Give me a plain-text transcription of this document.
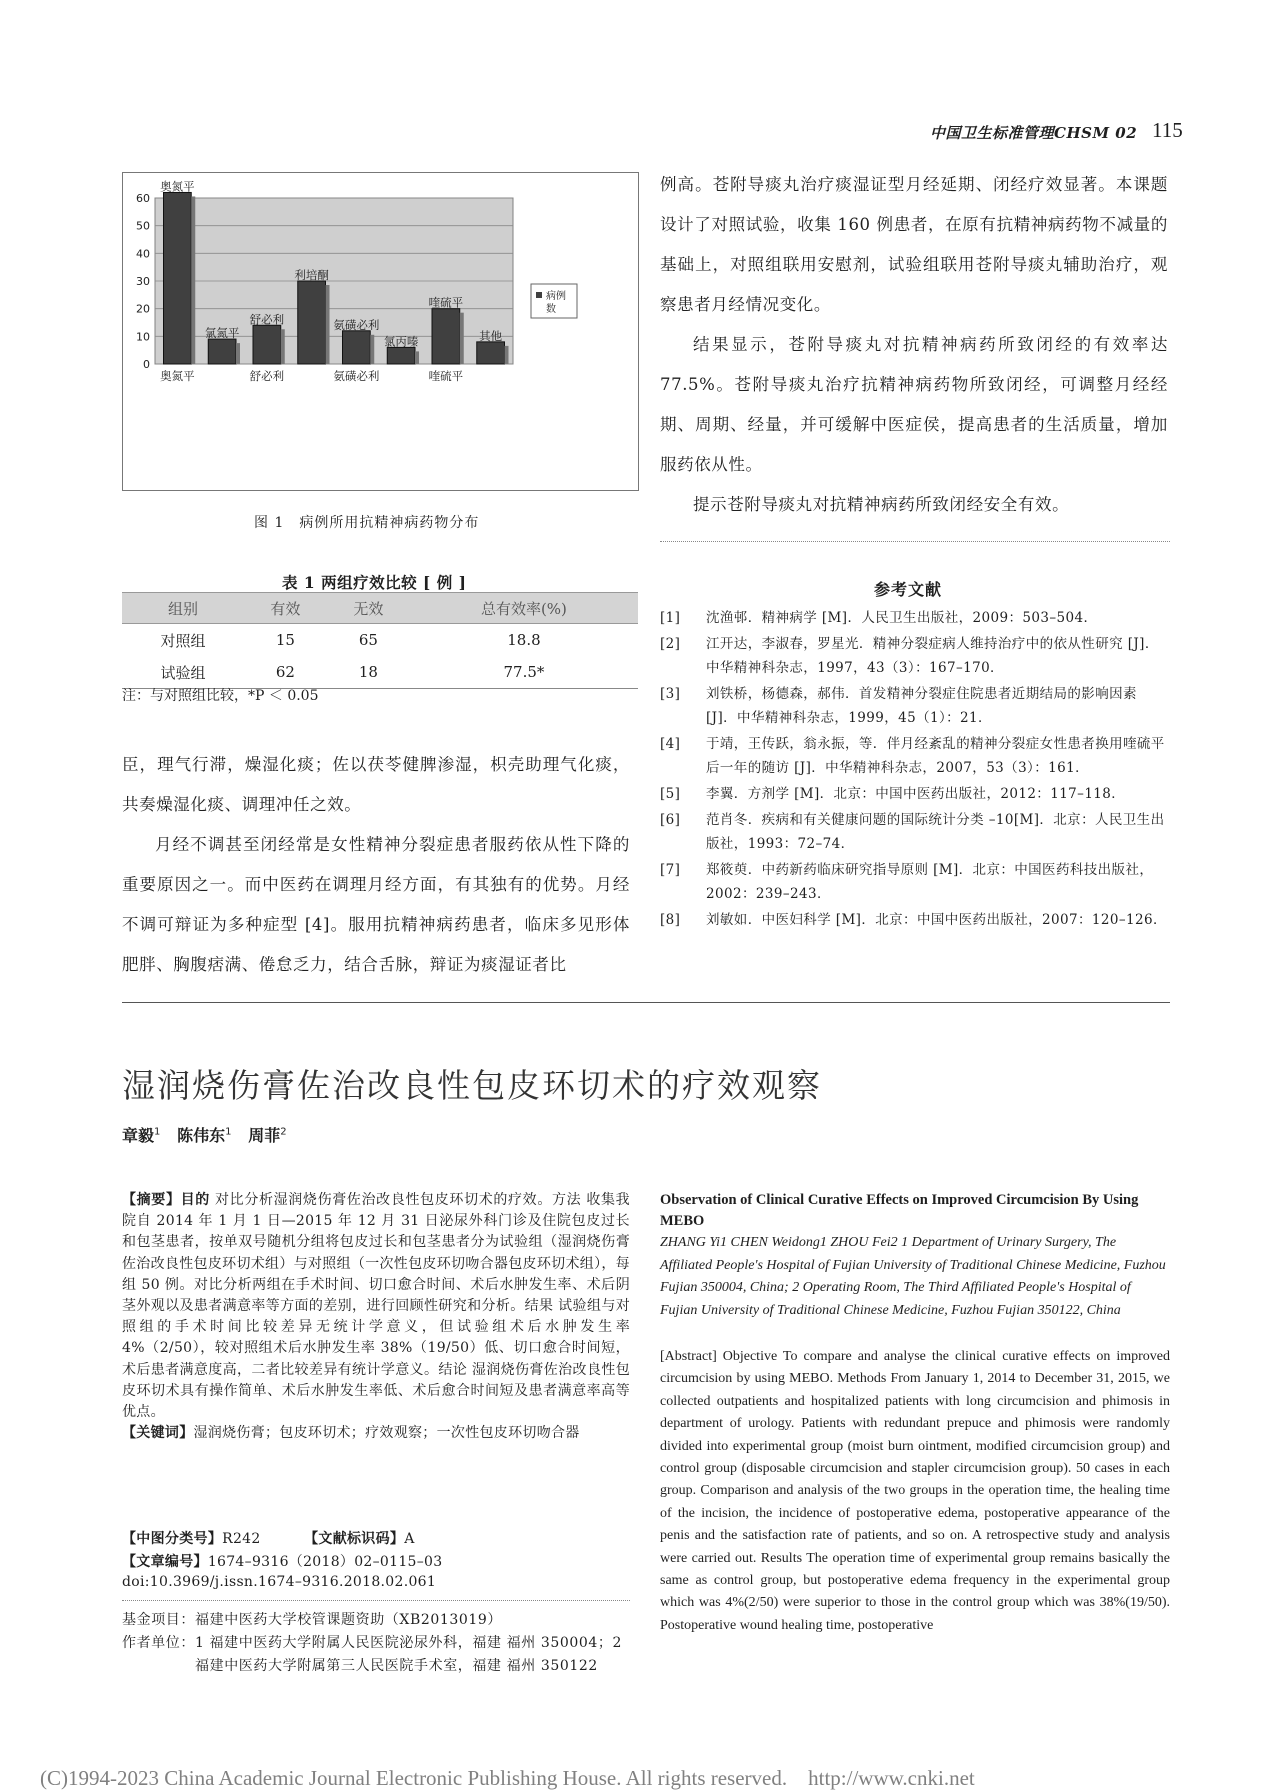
中国卫生标准管理CHSM 02 115
0
10
20
30
40
50
60
奥氮平
氯氮平
舒必利
利培酮
氨磺必利
氯丙嗪
喹硫平
其他
奥氮平	舒必利	氨磺必利	喹硫平
病例
数
图 1　病例所用抗精神病药物分布
表 1 两组疗效比较 [ 例 ]
组别	有效	无效	总有效率(%)
对照组	15	65	18.8
试验组	62	18	77.5*
注：与对照组比较，*P ＜ 0.05

臣，理气行滞，燥湿化痰；佐以茯苓健脾渗湿，枳壳助理气化痰，共奏燥湿化痰、调理冲任之效。

月经不调甚至闭经常是女性精神分裂症患者服药依从性下降的重要原因之一。而中医药在调理月经方面，有其独有的优势。月经不调可辩证为多种症型 [4]。服用抗精神病药患者，临床多见形体肥胖、胸腹痞满、倦怠乏力，结合舌脉，辩证为痰湿证者比

例高。苍附导痰丸治疗痰湿证型月经延期、闭经疗效显著。本课题设计了对照试验，收集 160 例患者，在原有抗精神病药物不减量的基础上，对照组联用安慰剂，试验组联用苍附导痰丸辅助治疗，观察患者月经情况变化。

结果显示，苍附导痰丸对抗精神病药所致闭经的有效率达 77.5%。苍附导痰丸治疗抗精神病药物所致闭经，可调整月经经期、周期、经量，并可缓解中医症侯，提高患者的生活质量，增加服药依从性。

提示苍附导痰丸对抗精神病药所致闭经安全有效。

参考文献
[1]	沈渔邨．精神病学 [M]．人民卫生出版社，2009：503–504．
[2]	江开达，李淑春，罗星光．精神分裂症病人维持治疗中的依从性研究 [J]．中华精神科杂志，1997，43（3）：167–170．
[3]	刘铁桥，杨德森，郝伟．首发精神分裂症住院患者近期结局的影响因素 [J]．中华精神科杂志，1999，45（1）：21．
[4]	于靖，王传跃，翁永振，等．伴月经紊乱的精神分裂症女性患者换用喹硫平后一年的随访 [J]．中华精神科杂志，2007，53（3）：161．
[5]	李翼．方剂学 [M]．北京：中国中医药出版社，2012：117–118．
[6]	范肖冬．疾病和有关健康问题的国际统计分类 –10[M]．北京：人民卫生出版社，1993：72–74．
[7]	郑筱萸．中药新药临床研究指导原则 [M]．北京：中国医药科技出版社，2002：239–243．
[8]	刘敏如．中医妇科学 [M]．北京：中国中医药出版社，2007：120–126．
湿润烧伤膏佐治改良性包皮环切术的疗效观察
章毅$^1$ 陈伟东$^1$ 周菲$^2$
【摘要】目的 对比分析湿润烧伤膏佐治改良性包皮环切术的疗效。方法 收集我院自 2014 年 1 月 1 日—2015 年 12 月 31 日泌尿外科门诊及住院包皮过长和包茎患者，按单双号随机分组将包皮过长和包茎患者分为试验组（湿润烧伤膏佐治改良性包皮环切术组）与对照组（一次性包皮环切吻合器包皮环切术组），每组 50 例。对比分析两组在手术时间、切口愈合时间、术后水肿发生率、术后阴茎外观以及患者满意率等方面的差别，进行回顾性研究和分析。结果 试验组与对照组的手术时间比较差异无统计学意义，但试验组术后水肿发生率 4%（2/50），较对照组术后水肿发生率 38%（19/50）低、切口愈合时间短，术后患者满意度高，二者比较差异有统计学意义。结论 湿润烧伤膏佐治改良性包皮环切术具有操作简单、术后水肿发生率低、术后愈合时间短及患者满意率高等优点。
【关键词】湿润烧伤膏；包皮环切术；疗效观察；一次性包皮环切吻合器
【中图分类号】R242	【文献标识码】A
【文章编号】1674–9316（2018）02–0115–03
doi:10.3969/j.issn.1674–9316.2018.02.061
基金项目：福建中医药大学校管课题资助（XB2013019）
作者单位： 1 福建中医药大学附属人民医院泌尿外科，福建 福州 350004；2 福建中医药大学附属第三人民医院手术室，福建 福州 350122
Observation of Clinical Curative Effects on Improved Circumcision By Using MEBO
ZHANG Yi1 CHEN Weidong1 ZHOU Fei2 1 Department of Urinary Surgery, The Affiliated People's Hospital of Fujian University of Traditional Chinese Medicine, Fuzhou Fujian 350004, China; 2 Operating Room, The Third Affiliated People's Hospital of Fujian University of Traditional Chinese Medicine, Fuzhou Fujian 350122, China
[Abstract] Objective To compare and analyse the clinical curative effects on improved circumcision by using MEBO. Methods From January 1, 2014 to December 31, 2015, we collected outpatients and hospitalized patients with long circumcision and phimosis in department of urology. Patients with redundant prepuce and phimosis were randomly divided into experimental group (moist burn ointment, modified circumcision group) and control group (disposable circumcision and stapler circumcision group). 50 cases in each group. Comparison and analysis of the two groups in the operation time, the healing time of the incision, the incidence of postoperative edema, postoperative appearance of the penis and the satisfaction rate of patients, and so on. A retrospective study and analysis were carried out. Results The operation time of experimental group remains basically the same as control group, but postoperative edema frequency in the experimental group which was 4%(2/50) were superior to those in the control group which was 38%(19/50). Postoperative wound healing time, postoperative
(C)1994-2023 China Academic Journal Electronic Publishing House. All rights reserved.　http://www.cnki.net
